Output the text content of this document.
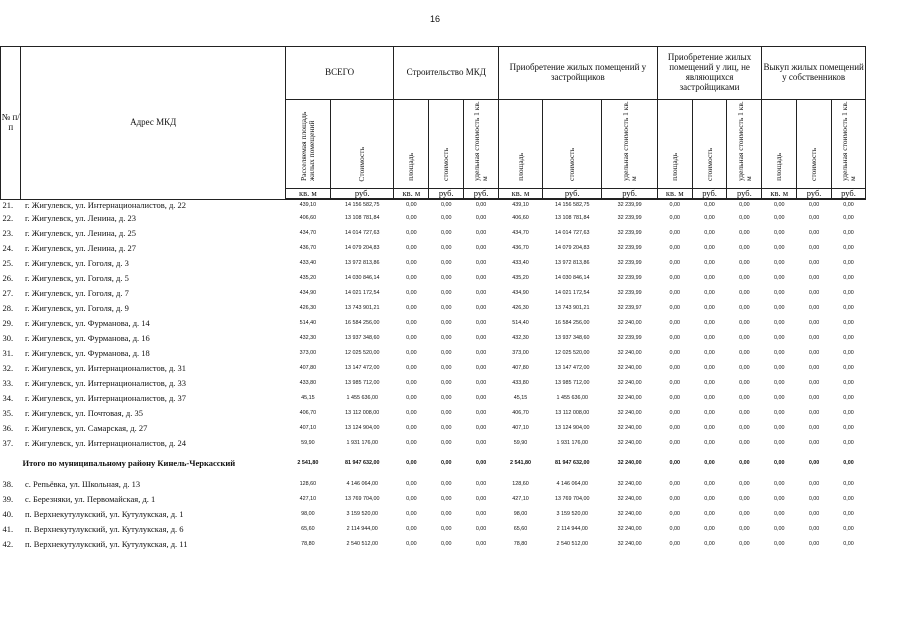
16
№ п/п	Адрес МКД	ВСЕГО		Строительство МКД			Приобретение жилых помещений у застройщиков			Приобретение жилых помещений у лиц, не являющихся застройщиками			Выкуп жилых помещений у собственников		
		Расселяемая площадь жилых помещений	Стоимость	площадь	стоимость	удельная стоимость 1 кв. м	площадь	стоимость	удельная стоимость 1 кв. м	площадь	стоимость	удельная стоимость 1 кв. м	площадь	стоимость	удельная стоимость 1 кв. м
		кв. м	руб.	кв. м	руб.	руб.	кв. м	руб.	руб.	кв. м	руб.	руб.	кв. м	руб.	руб.
21.	г. Жигулевск, ул. Интернационалистов, д. 22	439,10	14 156 582,75	0,00	0,00	0,00	439,10	14 156 582,75	32 239,99	0,00	0,00	0,00	0,00	0,00	0,00
22.	г. Жигулевск, ул. Ленина, д. 23	406,60	13 108 781,84	0,00	0,00	0,00	406,60	13 108 781,84	32 239,99	0,00	0,00	0,00	0,00	0,00	0,00
23.	г. Жигулевск, ул. Ленина, д. 25	434,70	14 014 727,63	0,00	0,00	0,00	434,70	14 014 727,63	32 239,99	0,00	0,00	0,00	0,00	0,00	0,00
24.	г. Жигулевск, ул. Ленина, д. 27	436,70	14 079 204,83	0,00	0,00	0,00	436,70	14 079 204,83	32 239,99	0,00	0,00	0,00	0,00	0,00	0,00
25.	г. Жигулевск, ул. Гоголя, д. 3	433,40	13 972 813,86	0,00	0,00	0,00	433,40	13 972 813,86	32 239,99	0,00	0,00	0,00	0,00	0,00	0,00
26.	г. Жигулевск, ул. Гоголя, д. 5	435,20	14 030 846,14	0,00	0,00	0,00	435,20	14 030 846,14	32 239,99	0,00	0,00	0,00	0,00	0,00	0,00
27.	г. Жигулевск, ул. Гоголя, д. 7	434,90	14 021 172,54	0,00	0,00	0,00	434,90	14 021 172,54	32 239,99	0,00	0,00	0,00	0,00	0,00	0,00
28.	г. Жигулевск, ул. Гоголя, д. 9	426,30	13 743 901,21	0,00	0,00	0,00	426,30	13 743 901,21	32 239,97	0,00	0,00	0,00	0,00	0,00	0,00
29.	г. Жигулевск, ул. Фурманова, д. 14	514,40	16 584 256,00	0,00	0,00	0,00	514,40	16 584 256,00	32 240,00	0,00	0,00	0,00	0,00	0,00	0,00
30.	г. Жигулевск, ул. Фурманова, д. 16	432,30	13 937 348,60	0,00	0,00	0,00	432,30	13 937 348,60	32 239,99	0,00	0,00	0,00	0,00	0,00	0,00
31.	г. Жигулевск, ул. Фурманова, д. 18	373,00	12 025 520,00	0,00	0,00	0,00	373,00	12 025 520,00	32 240,00	0,00	0,00	0,00	0,00	0,00	0,00
32.	г. Жигулевск, ул. Интернационалистов, д. 31	407,80	13 147 472,00	0,00	0,00	0,00	407,80	13 147 472,00	32 240,00	0,00	0,00	0,00	0,00	0,00	0,00
33.	г. Жигулевск, ул. Интернационалистов, д. 33	433,80	13 985 712,00	0,00	0,00	0,00	433,80	13 985 712,00	32 240,00	0,00	0,00	0,00	0,00	0,00	0,00
34.	г. Жигулевск, ул. Интернационалистов, д. 37	45,15	1 455 636,00	0,00	0,00	0,00	45,15	1 455 636,00	32 240,00	0,00	0,00	0,00	0,00	0,00	0,00
35.	г. Жигулевск, ул. Почтовая, д. 35	406,70	13 112 008,00	0,00	0,00	0,00	406,70	13 112 008,00	32 240,00	0,00	0,00	0,00	0,00	0,00	0,00
36.	г. Жигулевск, ул. Самарская, д. 27	407,10	13 124 904,00	0,00	0,00	0,00	407,10	13 124 904,00	32 240,00	0,00	0,00	0,00	0,00	0,00	0,00
37.	г. Жигулевск, ул. Интернационалистов, д. 24	59,90	1 931 176,00	0,00	0,00	0,00	59,90	1 931 176,00	32 240,00	0,00	0,00	0,00	0,00	0,00	0,00
Итого по муниципальному району Кинель-Черкасский		2 541,80	81 947 632,00	0,00	0,00	0,00	2 541,80	81 947 632,00	32 240,00	0,00	0,00	0,00	0,00	0,00	0,00
38.	с. Репьёвка, ул. Школьная, д. 13	128,60	4 146 064,00	0,00	0,00	0,00	128,60	4 146 064,00	32 240,00	0,00	0,00	0,00	0,00	0,00	0,00
39.	с. Березняки, ул. Первомайская, д. 1	427,10	13 769 704,00	0,00	0,00	0,00	427,10	13 769 704,00	32 240,00	0,00	0,00	0,00	0,00	0,00	0,00
40.	п. Верхнекутулукский, ул. Кутулукская, д. 1	98,00	3 159 520,00	0,00	0,00	0,00	98,00	3 159 520,00	32 240,00	0,00	0,00	0,00	0,00	0,00	0,00
41.	п. Верхнекутулукский, ул. Кутулукская, д. 6	65,60	2 114 944,00	0,00	0,00	0,00	65,60	2 114 944,00	32 240,00	0,00	0,00	0,00	0,00	0,00	0,00
42.	п. Верхнекутулукский, ул. Кутулукская, д. 11	78,80	2 540 512,00	0,00	0,00	0,00	78,80	2 540 512,00	32 240,00	0,00	0,00	0,00	0,00	0,00	0,00
